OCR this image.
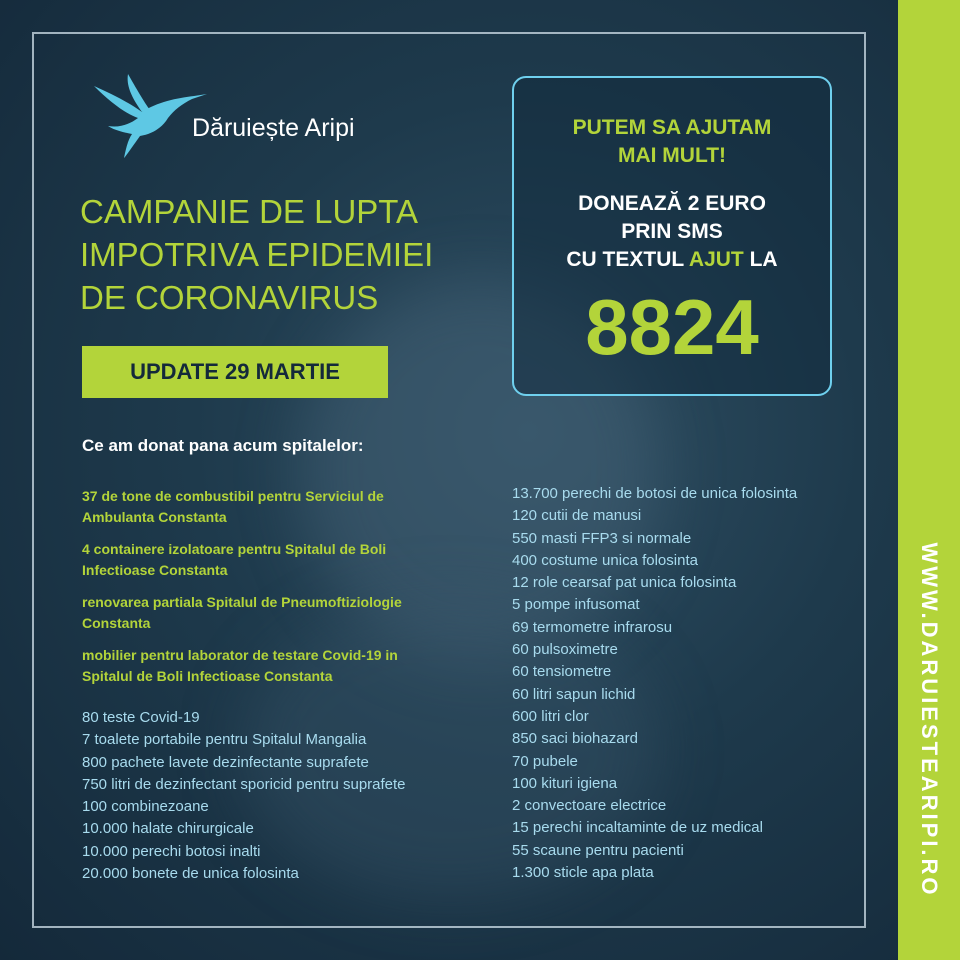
Dăruiește Aripi
CAMPANIE DE LUPTA
IMPOTRIVA EPIDEMIEI
DE CORONAVIRUS
UPDATE 29 MARTIE
PUTEM SA AJUTAM
MAI MULT!
DONEAZĂ 2 EURO
PRIN SMS
CU TEXTUL AJUT LA
8824
Ce am donat pana acum spitalelor:
37 de tone de combustibil pentru Serviciul de
Ambulanta Constanta
4 containere izolatoare pentru Spitalul de Boli
Infectioase Constanta
renovarea partiala Spitalul de Pneumoftiziologie
Constanta
mobilier pentru laborator de testare Covid-19 in
Spitalul de Boli Infectioase Constanta
80 teste Covid-19
7 toalete portabile pentru Spitalul Mangalia
800 pachete lavete dezinfectante suprafete
750 litri de dezinfectant sporicid pentru suprafete
100 combinezoane
10.000 halate chirurgicale
10.000 perechi botosi inalti
20.000 bonete de unica folosinta
13.700 perechi de botosi de unica folosinta
120 cutii de manusi
550 masti FFP3 si normale
400 costume unica folosinta
12 role cearsaf pat unica folosinta
5 pompe infusomat
69 termometre infrarosu
60 pulsoximetre
60 tensiometre
60 litri sapun lichid
600 litri clor
850 saci biohazard
70 pubele
100 kituri igiena
2 convectoare electrice
15 perechi incaltaminte de uz medical
55 scaune pentru pacienti
1.300 sticle apa plata	WWW.DARUIESTEARIPI.RO
